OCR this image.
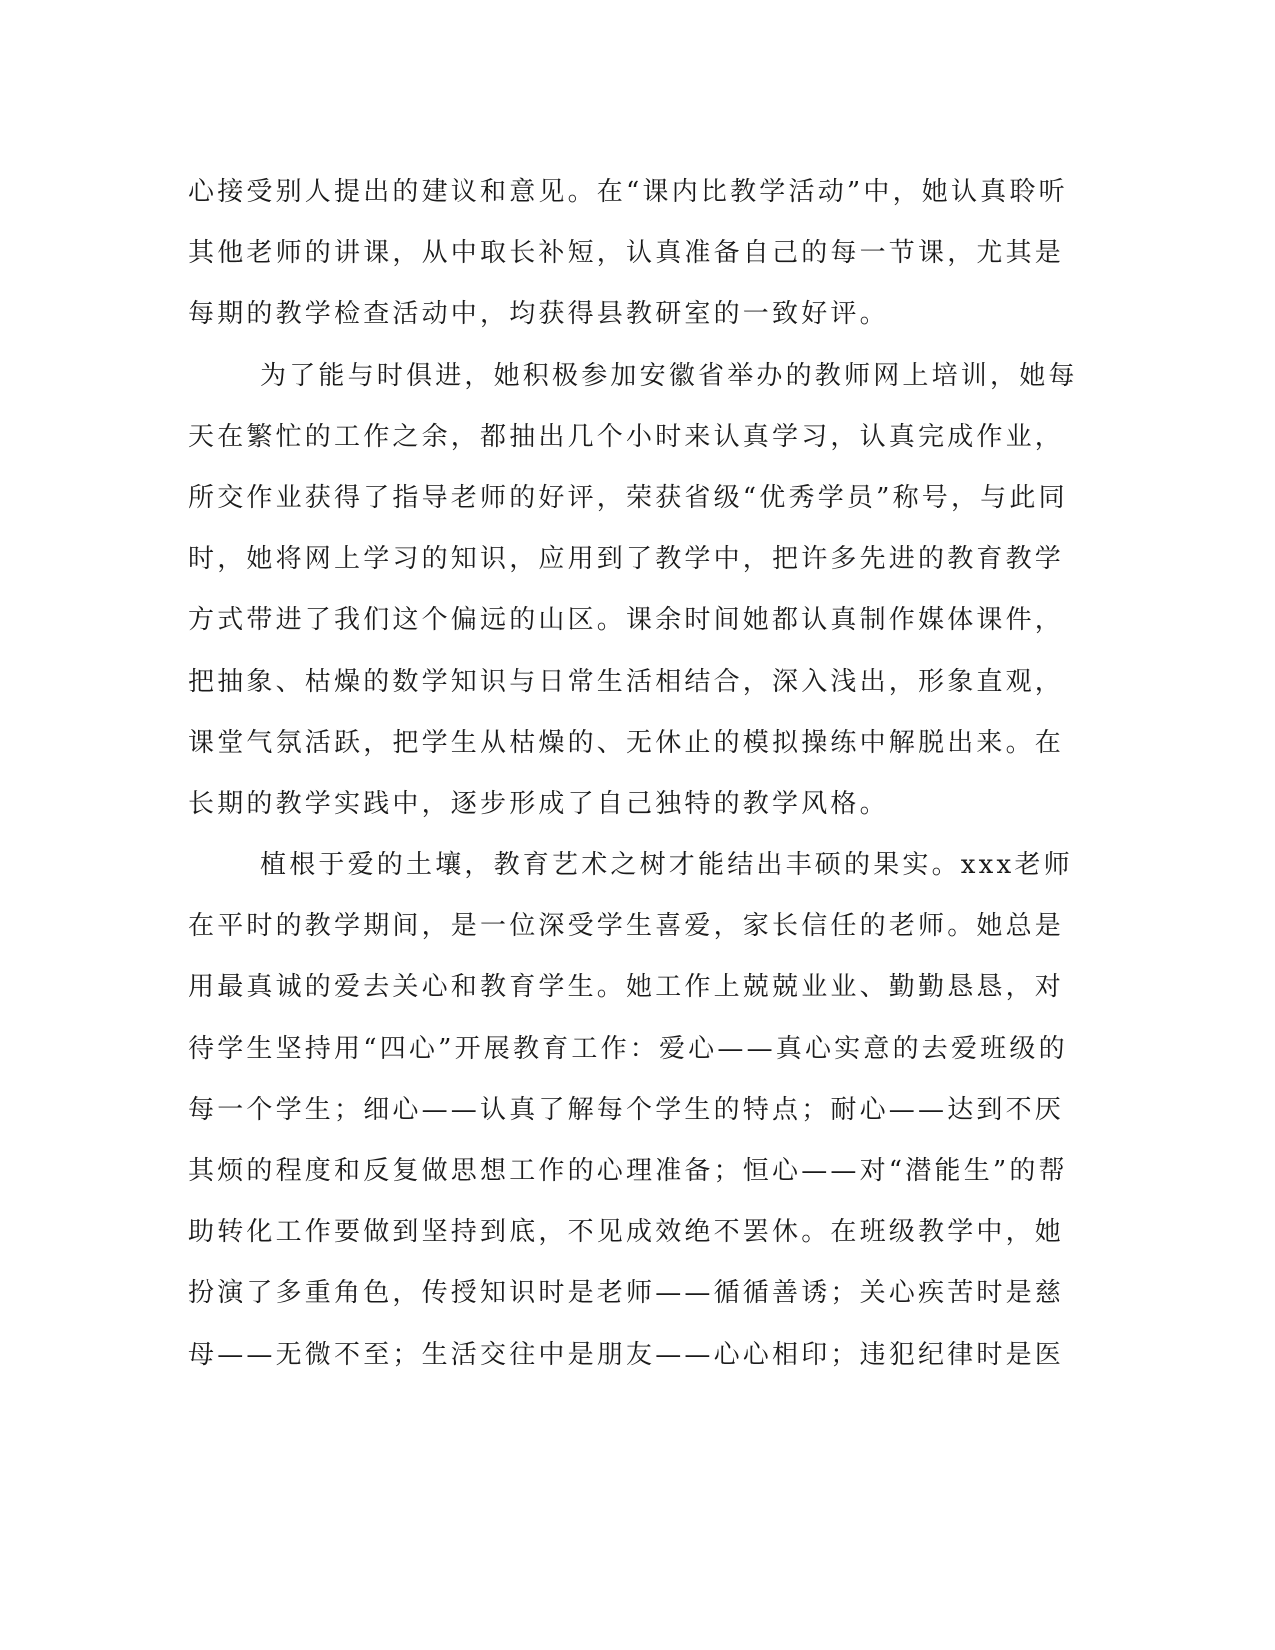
心接受别人提出的建议和意见。在“课内比教学活动”中，她认真聆听
其他老师的讲课，从中取长补短，认真准备自己的每一节课，尤其是
每期的教学检查活动中，均获得县教研室的一致好评。
为了能与时俱进，她积极参加安徽省举办的教师网上培训，她每
天在繁忙的工作之余，都抽出几个小时来认真学习，认真完成作业，
所交作业获得了指导老师的好评，荣获省级“优秀学员”称号，与此同
时，她将网上学习的知识，应用到了教学中，把许多先进的教育教学
方式带进了我们这个偏远的山区。课余时间她都认真制作媒体课件，
把抽象、枯燥的数学知识与日常生活相结合，深入浅出，形象直观，
课堂气氛活跃，把学生从枯燥的、无休止的模拟操练中解脱出来。在
长期的教学实践中，逐步形成了自己独特的教学风格。
植根于爱的土壤，教育艺术之树才能结出丰硕的果实。xxx老师
在平时的教学期间，是一位深受学生喜爱，家长信任的老师。她总是
用最真诚的爱去关心和教育学生。她工作上兢兢业业、勤勤恳恳，对
待学生坚持用“四心”开展教育工作：爱心——真心实意的去爱班级的
每一个学生；细心——认真了解每个学生的特点；耐心——达到不厌
其烦的程度和反复做思想工作的心理准备；恒心——对“潜能生”的帮
助转化工作要做到坚持到底，不见成效绝不罢休。在班级教学中，她
扮演了多重角色，传授知识时是老师——循循善诱；关心疾苦时是慈
母——无微不至；生活交往中是朋友——心心相印；违犯纪律时是医
